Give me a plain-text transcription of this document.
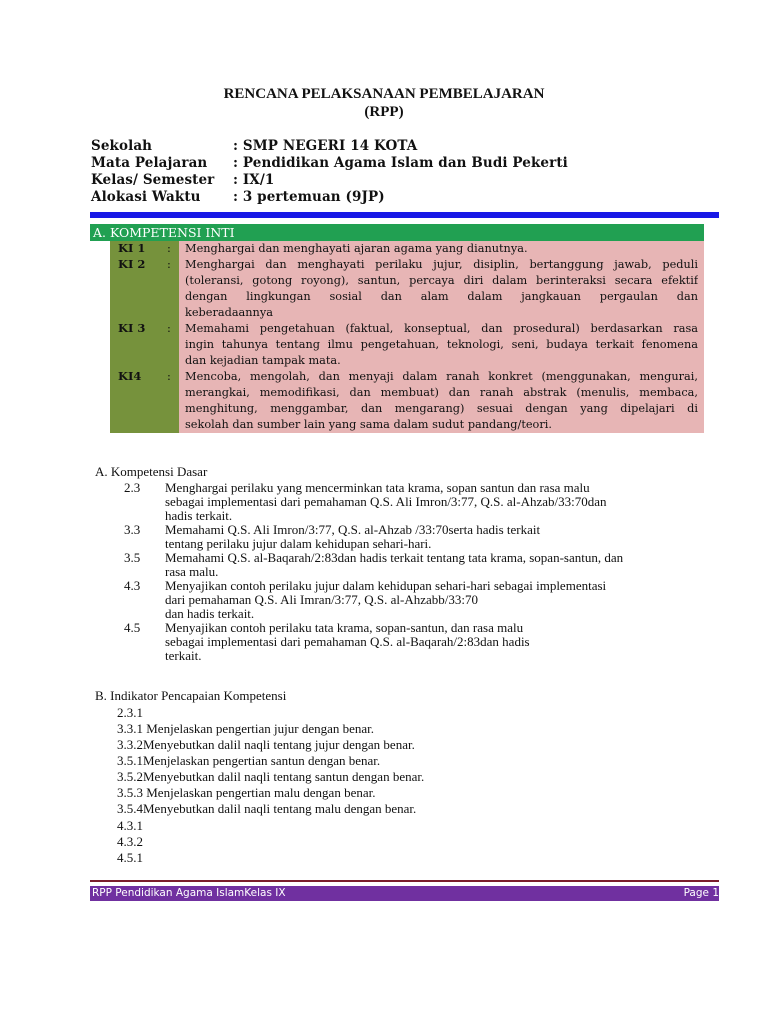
RENCANA PELAKSANAAN PEMBELAJARAN
(RPP)
Sekolah	: SMP NEGERI 14 KOTA
Mata Pelajaran : Pendidikan Agama Islam dan Budi Pekerti
Kelas/ Semester : IX/1
Alokasi Waktu : 3 pertemuan (9JP)
A. KOMPETENSI INTI
KI 1 : Menghargai dan menghayati ajaran agama yang dianutnya.
KI 2 : Menghargai dan menghayati perilaku jujur, disiplin, bertanggung jawab, peduli
(toleransi, gotong royong), santun, percaya diri dalam berinteraksi secara efektif
dengan lingkungan sosial dan alam dalam jangkauan pergaulan dan
keberadaannya
KI 3 : Memahami pengetahuan (faktual, konseptual, dan prosedural) berdasarkan rasa
ingin tahunya tentang ilmu pengetahuan, teknologi, seni, budaya terkait fenomena
dan kejadian tampak mata.
KI4 : Mencoba, mengolah, dan menyaji dalam ranah konkret (menggunakan, mengurai,
merangkai, memodifikasi, dan membuat) dan ranah abstrak (menulis, membaca,
menghitung, menggambar, dan mengarang) sesuai dengan yang dipelajari di
sekolah dan sumber lain yang sama dalam sudut pandang/teori.
A. Kompetensi Dasar
2.3 Menghargai perilaku yang mencerminkan tata krama, sopan santun dan rasa malu
sebagai implementasi dari pemahaman Q.S. Ali Imron/3:77, Q.S. al-Ahzab/33:70dan
hadis terkait.
3.3 Memahami Q.S. Ali Imron/3:77, Q.S. al-Ahzab /33:70serta hadis terkait
tentang perilaku jujur dalam kehidupan sehari-hari.
3.5 Memahami Q.S. al-Baqarah/2:83dan hadis terkait tentang tata krama, sopan-santun, dan
rasa malu.
4.3 Menyajikan contoh perilaku jujur dalam kehidupan sehari-hari sebagai implementasi
dari pemahaman Q.S. Ali Imran/3:77, Q.S. al-Ahzabb/33:70
dan hadis terkait.
4.5 Menyajikan contoh perilaku tata krama, sopan-santun, dan rasa malu
sebagai implementasi dari pemahaman Q.S. al-Baqarah/2:83dan hadis
terkait.
B. Indikator Pencapaian Kompetensi
2.3.1
3.3.1 Menjelaskan pengertian jujur dengan benar.
3.3.2Menyebutkan dalil naqli tentang jujur dengan benar.
3.5.1Menjelaskan pengertian santun dengan benar.
3.5.2Menyebutkan dalil naqli tentang santun dengan benar.
3.5.3 Menjelaskan pengertian malu dengan benar.
3.5.4Menyebutkan dalil naqli tentang malu dengan benar.
4.3.1
4.3.2
4.5.1
RPP Pendidikan Agama IslamKelas IX	Page 1
